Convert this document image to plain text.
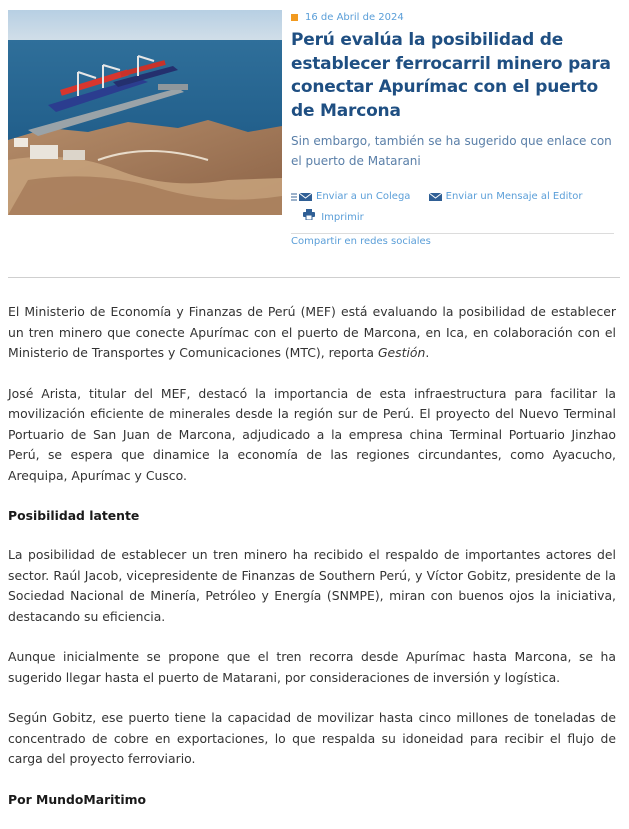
16 de Abril de 2024
Perú evalúa la posibilidad de establecer ferrocarril minero para conectar Apurímac con el puerto de Marcona
Sin embargo, también se ha sugerido que enlace con el puerto de Matarani
Enviar a un Colega
	Enviar un Mensaje al Editor
Imprimir
Compartir en redes sociales

El Ministerio de Economía y Finanzas de Perú (MEF) está evaluando la posibilidad de establecer un tren minero que conecte Apurímac con el puerto de Marcona, en Ica, en colaboración con el Ministerio de Transportes y Comunicaciones (MTC), reporta Gestión.

José Arista, titular del MEF, destacó la importancia de esta infraestructura para facilitar la movilización eficiente de minerales desde la región sur de Perú. El proyecto del Nuevo Terminal Portuario de San Juan de Marcona, adjudicado a la empresa china Terminal Portuario Jinzhao Perú, se espera que dinamice la economía de las regiones circundantes, como Ayacucho, Arequipa, Apurímac y Cusco.

Posibilidad latente

La posibilidad de establecer un tren minero ha recibido el respaldo de importantes actores del sector. Raúl Jacob, vicepresidente de Finanzas de Southern Perú, y Víctor Gobitz, presidente de la Sociedad Nacional de Minería, Petróleo y Energía (SNMPE), miran con buenos ojos la iniciativa, destacando su eficiencia.

Aunque inicialmente se propone que el tren recorra desde Apurímac hasta Marcona, se ha sugerido llegar hasta el puerto de Matarani, por consideraciones de inversión y logística.

Según Gobitz, ese puerto tiene la capacidad de movilizar hasta cinco millones de toneladas de concentrado de cobre en exportaciones, lo que respalda su idoneidad para recibir el flujo de carga del proyecto ferroviario.

Por MundoMaritimo
